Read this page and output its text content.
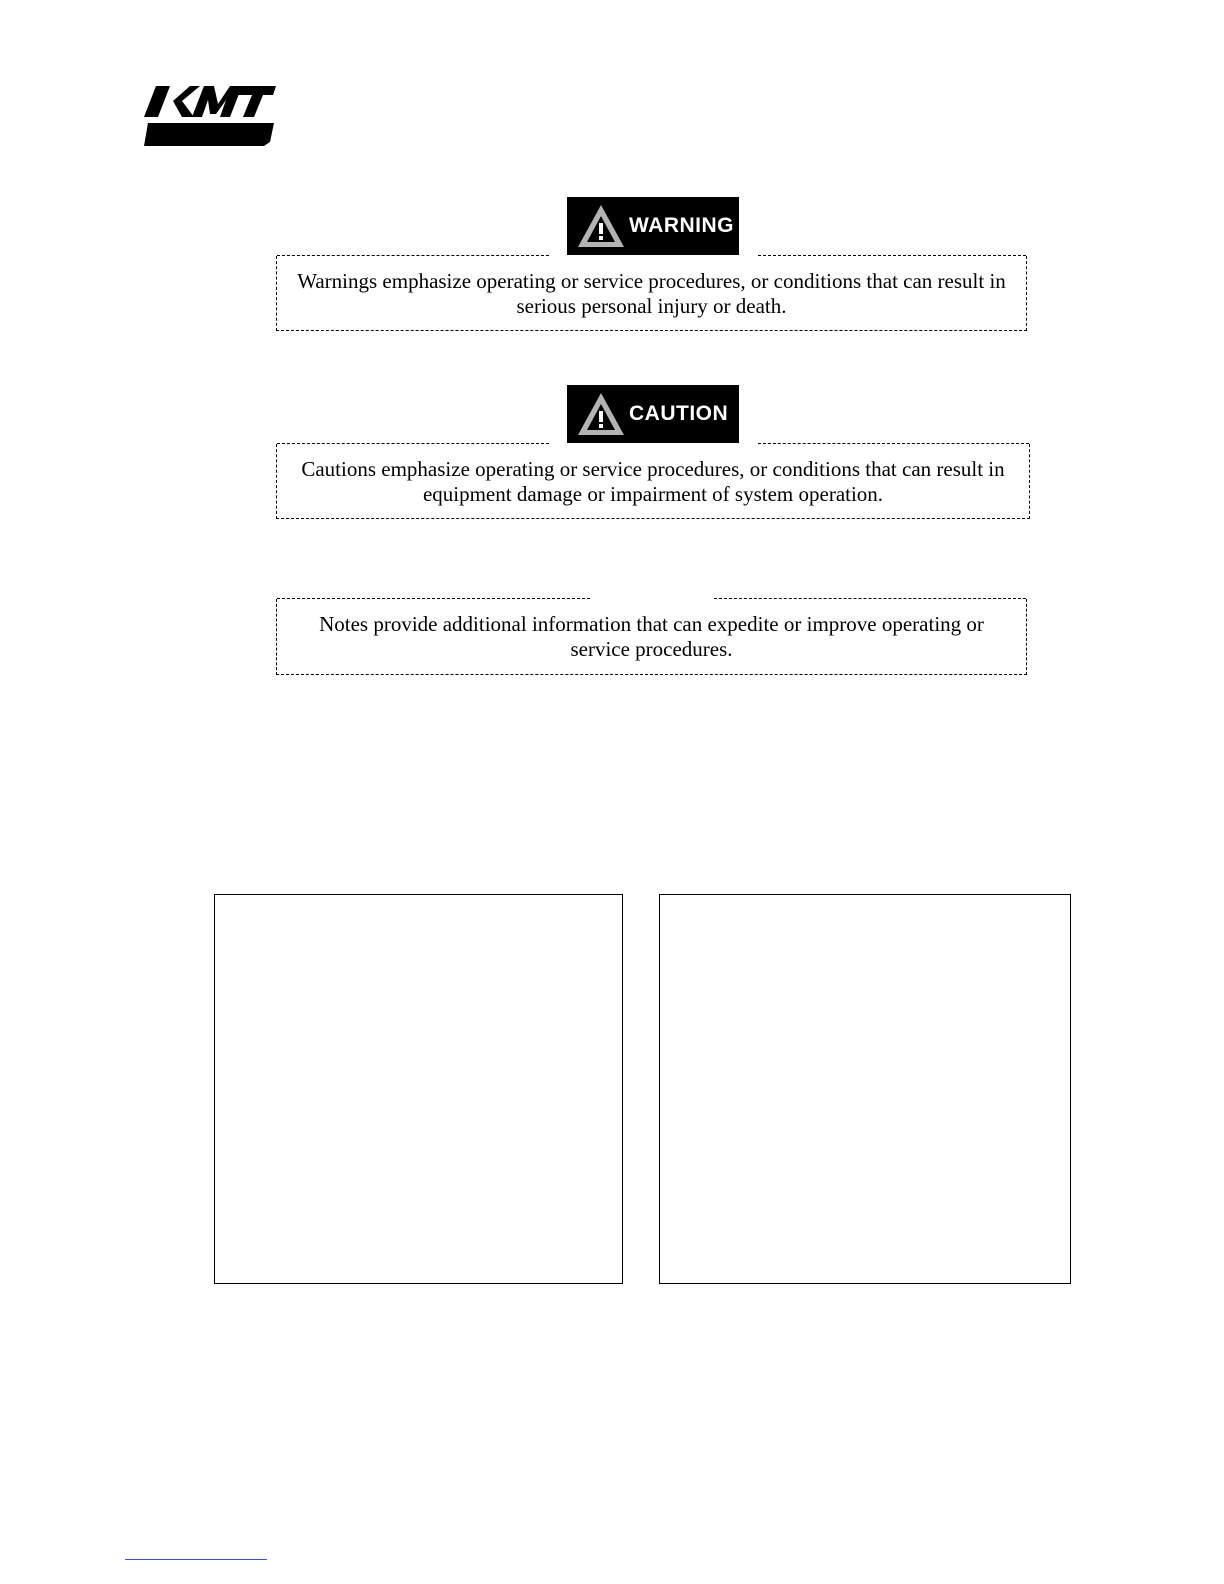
WARNING

Warnings emphasize operating or service procedures, or conditions that can result in serious personal injury or death.

CAUTION

Cautions emphasize operating or service procedures, or conditions that can result in equipment damage or impairment of system operation.

Notes provide additional information that can expedite or improve operating or service procedures.
